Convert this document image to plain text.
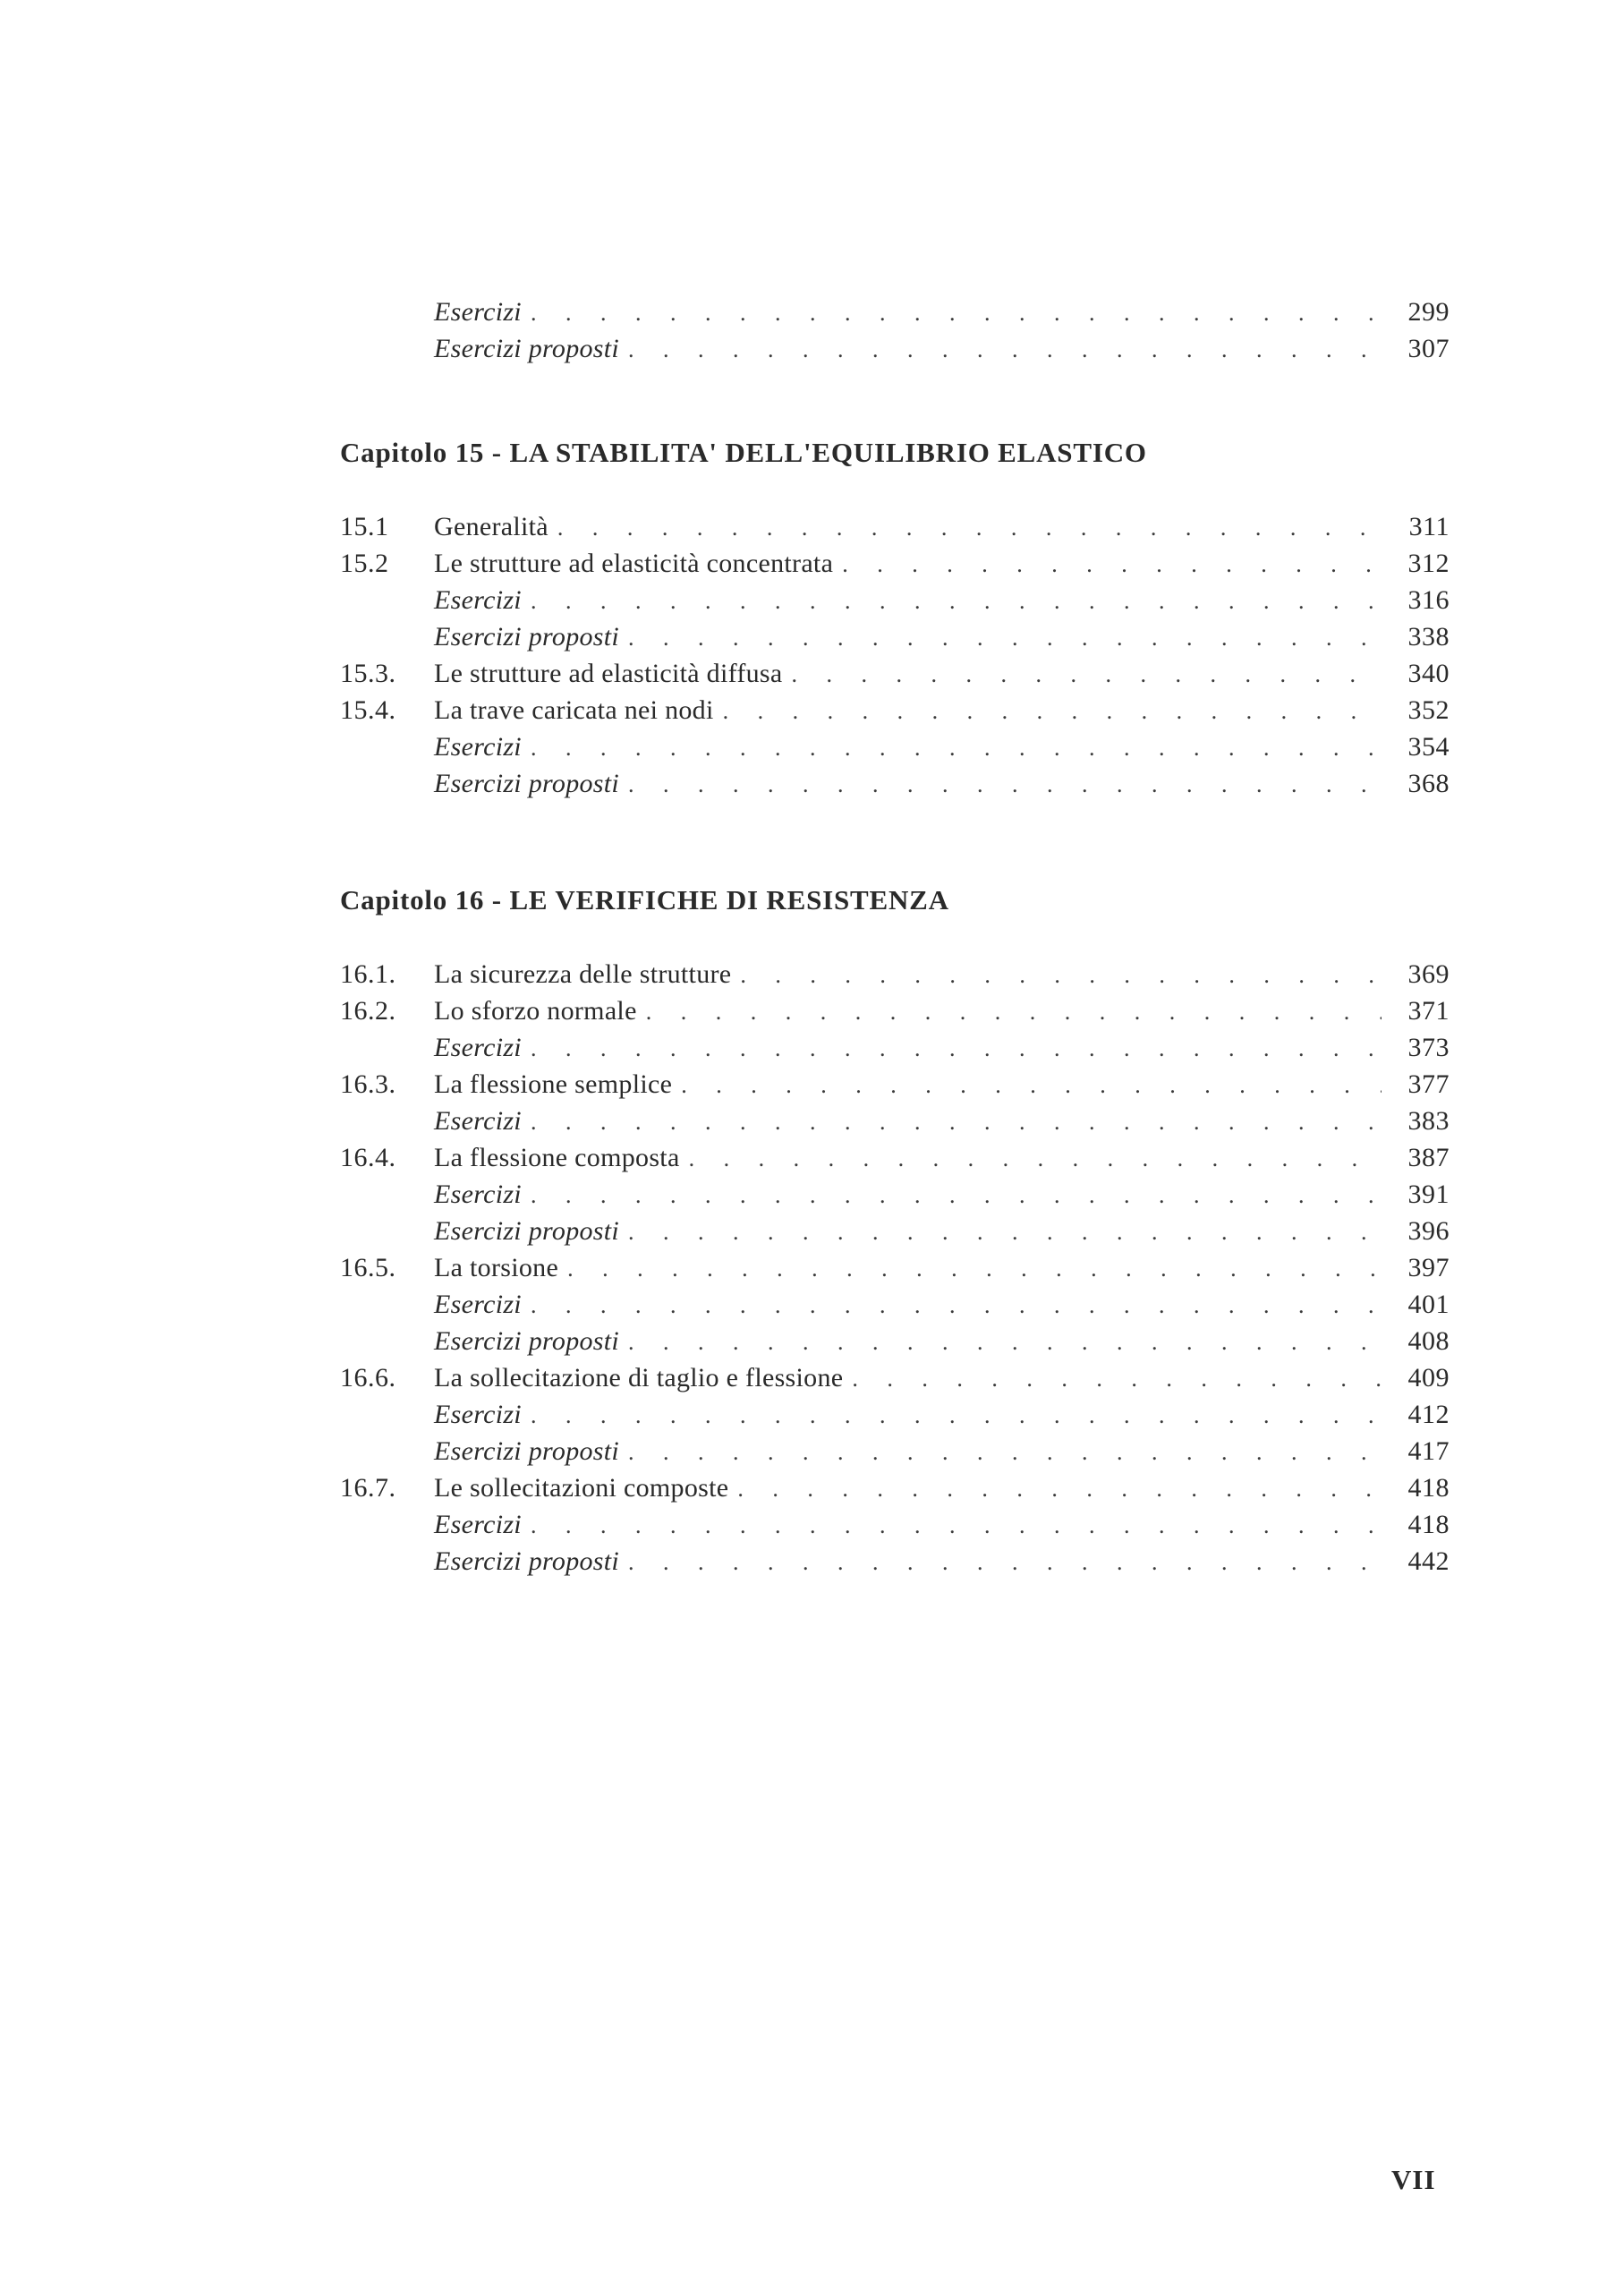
Esercizi . . .	299
Esercizi proposti . . .	307
Capitolo 15 - LA STABILITA' DELL'EQUILIBRIO ELASTICO
15.1	Generalità . . .	311
15.2	Le strutture ad elasticità concentrata . . .	312
Esercizi . . .	316
Esercizi proposti . . .	338
15.3.	Le strutture ad elasticità diffusa . . .	340
15.4.	La trave caricata nei nodi . . .	352
Esercizi . . .	354
Esercizi proposti . . .	368
Capitolo 16 - LE VERIFICHE DI RESISTENZA
16.1.	La sicurezza delle strutture . . .	369
16.2.	Lo sforzo normale . . .	371
Esercizi . . .	373
16.3.	La flessione semplice . . .	377
Esercizi . . .	383
16.4.	La flessione composta . . .	387
Esercizi . . .	391
Esercizi proposti . . .	396
16.5.	La torsione . . .	397
Esercizi . . .	401
Esercizi proposti . . .	408
16.6.	La sollecitazione di taglio e flessione . . .	409
Esercizi . . .	412
Esercizi proposti . . .	417
16.7.	Le sollecitazioni composte . . .	418
Esercizi . . .	418
Esercizi proposti . . .	442
VII
